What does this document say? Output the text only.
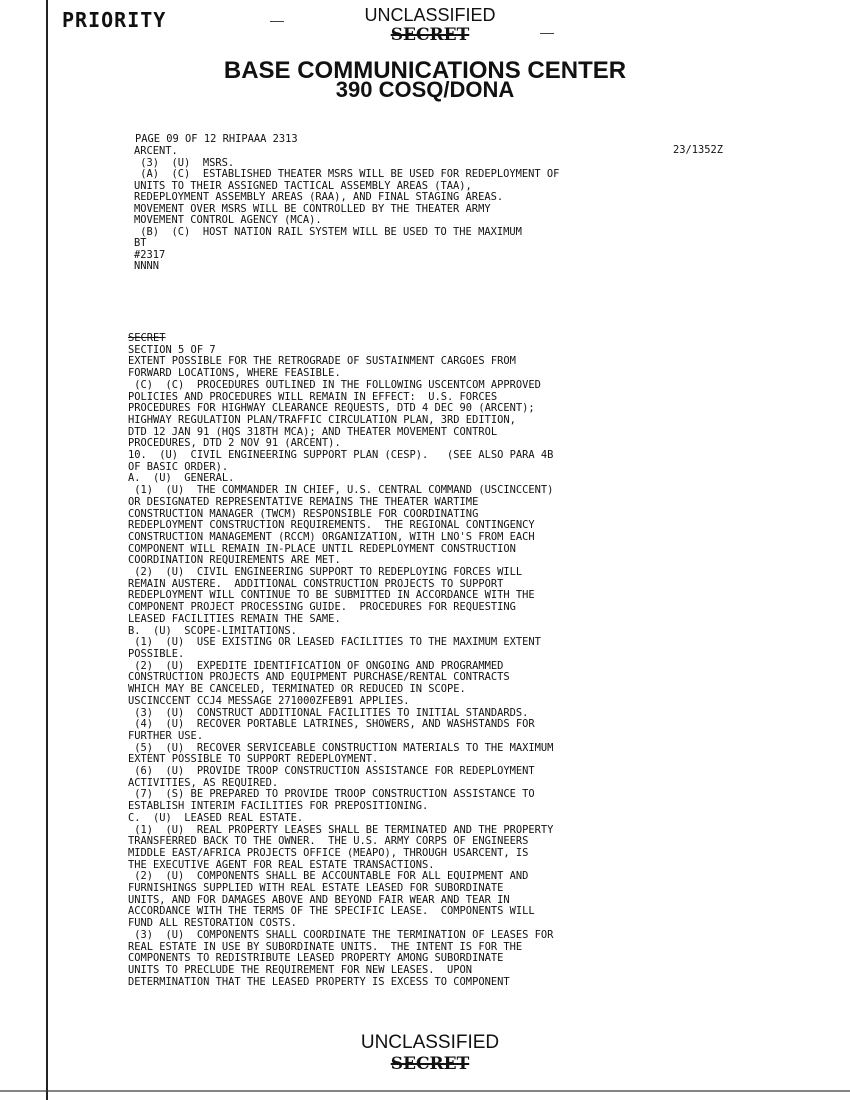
PRIORITY	—
—
UNCLASSIFIED
SECRET
BASE COMMUNICATIONS CENTER
390 COSQ/DONA
PAGE 09 OF 12 RHIPAAA 2313
23/1352Z
ARCENT.
(3)  (U)  MSRS.
(A)  (C)  ESTABLISHED THEATER MSRS WILL BE USED FOR REDEPLOYMENT OF
UNITS TO THEIR ASSIGNED TACTICAL ASSEMBLY AREAS (TAA),
REDEPLOYMENT ASSEMBLY AREAS (RAA), AND FINAL STAGING AREAS.
MOVEMENT OVER MSRS WILL BE CONTROLLED BY THE THEATER ARMY
MOVEMENT CONTROL AGENCY (MCA).
(B)  (C)  HOST NATION RAIL SYSTEM WILL BE USED TO THE MAXIMUM
BT
#2317
NNNN
SECRET
SECTION 5 OF 7
EXTENT POSSIBLE FOR THE RETROGRADE OF SUSTAINMENT CARGOES FROM
FORWARD LOCATIONS, WHERE FEASIBLE.
(C)  (C)  PROCEDURES OUTLINED IN THE FOLLOWING USCENTCOM APPROVED
POLICIES AND PROCEDURES WILL REMAIN IN EFFECT:  U.S. FORCES
PROCEDURES FOR HIGHWAY CLEARANCE REQUESTS, DTD 4 DEC 90 (ARCENT);
HIGHWAY REGULATION PLAN/TRAFFIC CIRCULATION PLAN, 3RD EDITION,
DTD 12 JAN 91 (HQS 318TH MCA); AND THEATER MOVEMENT CONTROL
PROCEDURES, DTD 2 NOV 91 (ARCENT).
10.  (U)  CIVIL ENGINEERING SUPPORT PLAN (CESP).   (SEE ALSO PARA 4B
OF BASIC ORDER).
A.  (U)  GENERAL.
(1)  (U)  THE COMMANDER IN CHIEF, U.S. CENTRAL COMMAND (USCINCCENT)
OR DESIGNATED REPRESENTATIVE REMAINS THE THEATER WARTIME
CONSTRUCTION MANAGER (TWCM) RESPONSIBLE FOR COORDINATING
REDEPLOYMENT CONSTRUCTION REQUIREMENTS.  THE REGIONAL CONTINGENCY
CONSTRUCTION MANAGEMENT (RCCM) ORGANIZATION, WITH LNO'S FROM EACH
COMPONENT WILL REMAIN IN-PLACE UNTIL REDEPLOYMENT CONSTRUCTION
COORDINATION REQUIREMENTS ARE MET.
(2)  (U)  CIVIL ENGINEERING SUPPORT TO REDEPLOYING FORCES WILL
REMAIN AUSTERE.  ADDITIONAL CONSTRUCTION PROJECTS TO SUPPORT
REDEPLOYMENT WILL CONTINUE TO BE SUBMITTED IN ACCORDANCE WITH THE
COMPONENT PROJECT PROCESSING GUIDE.  PROCEDURES FOR REQUESTING
LEASED FACILITIES REMAIN THE SAME.
B.  (U)  SCOPE-LIMITATIONS.
(1)  (U)  USE EXISTING OR LEASED FACILITIES TO THE MAXIMUM EXTENT
POSSIBLE.
(2)  (U)  EXPEDITE IDENTIFICATION OF ONGOING AND PROGRAMMED
CONSTRUCTION PROJECTS AND EQUIPMENT PURCHASE/RENTAL CONTRACTS
WHICH MAY BE CANCELED, TERMINATED OR REDUCED IN SCOPE.
USCINCCENT CCJ4 MESSAGE 271000ZFEB91 APPLIES.
(3)  (U)  CONSTRUCT ADDITIONAL FACILITIES TO INITIAL STANDARDS.
(4)  (U)  RECOVER PORTABLE LATRINES, SHOWERS, AND WASHSTANDS FOR
FURTHER USE.
(5)  (U)  RECOVER SERVICEABLE CONSTRUCTION MATERIALS TO THE MAXIMUM
EXTENT POSSIBLE TO SUPPORT REDEPLOYMENT.
(6)  (U)  PROVIDE TROOP CONSTRUCTION ASSISTANCE FOR REDEPLOYMENT
ACTIVITIES, AS REQUIRED.
(7)  (S) BE PREPARED TO PROVIDE TROOP CONSTRUCTION ASSISTANCE TO
ESTABLISH INTERIM FACILITIES FOR PREPOSITIONING.
C.  (U)  LEASED REAL ESTATE.
(1)  (U)  REAL PROPERTY LEASES SHALL BE TERMINATED AND THE PROPERTY
TRANSFERRED BACK TO THE OWNER.  THE U.S. ARMY CORPS OF ENGINEERS
MIDDLE EAST/AFRICA PROJECTS OFFICE (MEAPO), THROUGH USARCENT, IS
THE EXECUTIVE AGENT FOR REAL ESTATE TRANSACTIONS.
(2)  (U)  COMPONENTS SHALL BE ACCOUNTABLE FOR ALL EQUIPMENT AND
FURNISHINGS SUPPLIED WITH REAL ESTATE LEASED FOR SUBORDINATE
UNITS, AND FOR DAMAGES ABOVE AND BEYOND FAIR WEAR AND TEAR IN
ACCORDANCE WITH THE TERMS OF THE SPECIFIC LEASE.  COMPONENTS WILL
FUND ALL RESTORATION COSTS.
(3)  (U)  COMPONENTS SHALL COORDINATE THE TERMINATION OF LEASES FOR
REAL ESTATE IN USE BY SUBORDINATE UNITS.  THE INTENT IS FOR THE
COMPONENTS TO REDISTRIBUTE LEASED PROPERTY AMONG SUBORDINATE
UNITS TO PRECLUDE THE REQUIREMENT FOR NEW LEASES.  UPON
DETERMINATION THAT THE LEASED PROPERTY IS EXCESS TO COMPONENT
UNCLASSIFIED
SECRET
